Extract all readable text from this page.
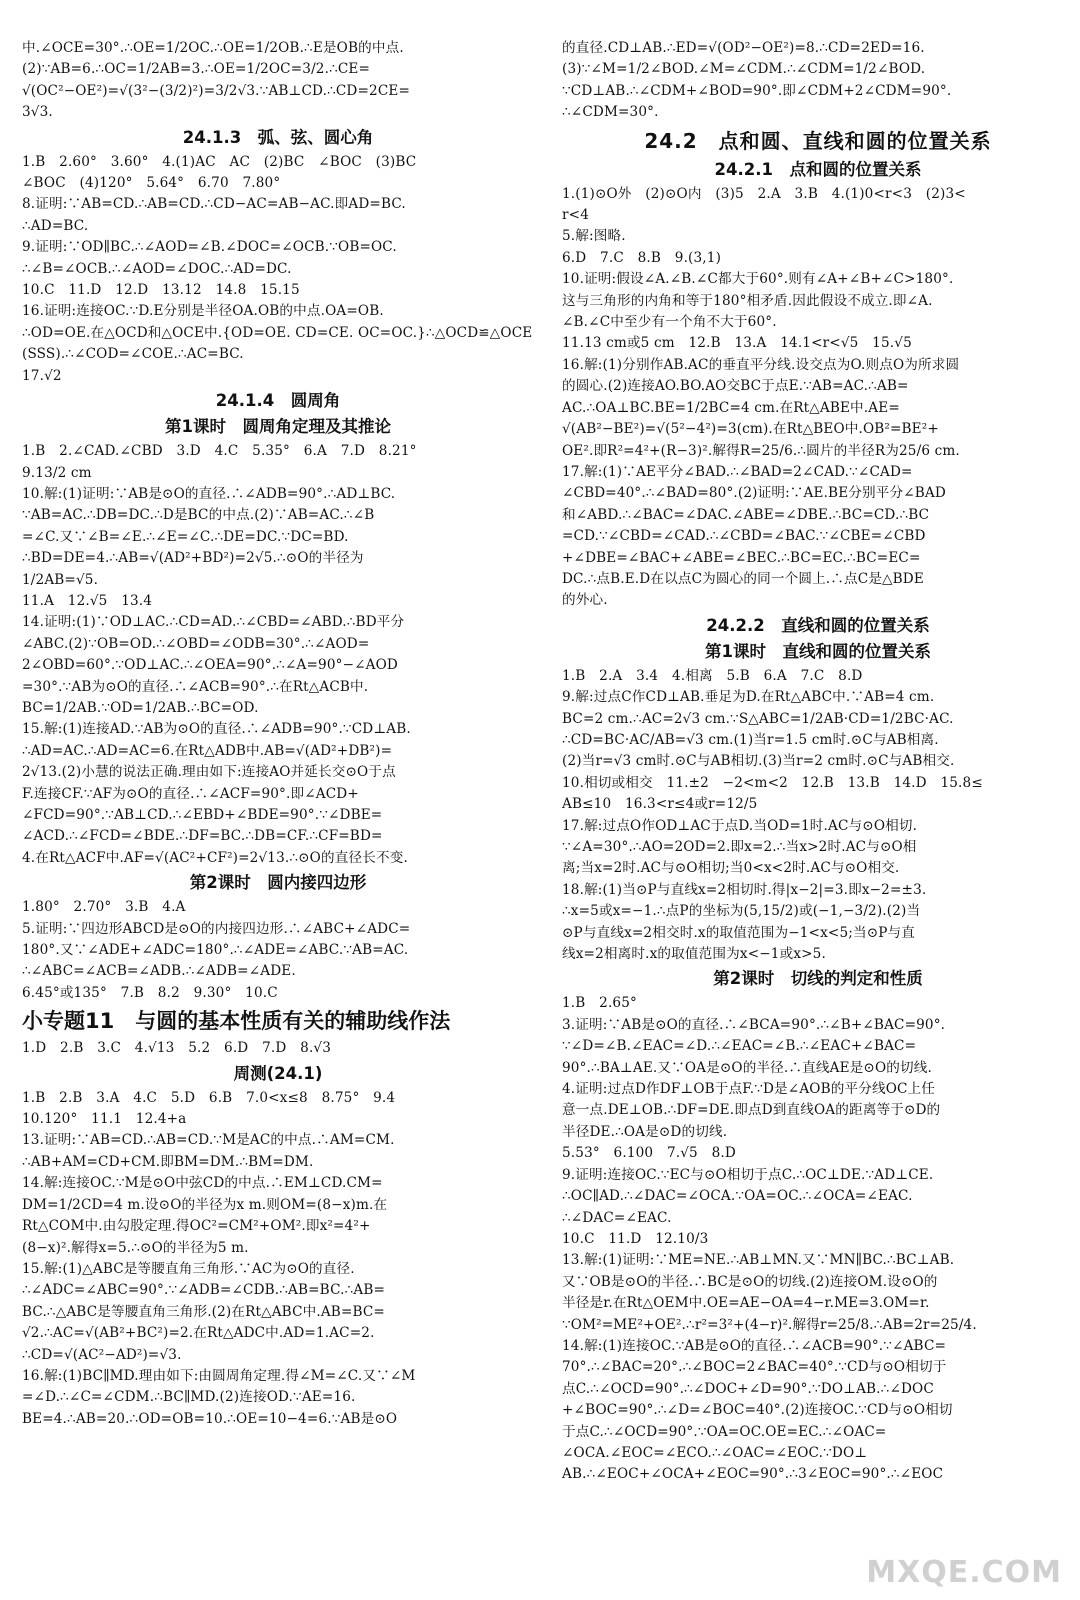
中.∠OCE=30°.∴OE=1/2OC.∴OE=1/2OB.∴E是OB的中点.
(2)∵AB=6.∴OC=1/2AB=3.∴OE=1/2OC=3/2.∴CE=
√(OC²−OE²)=√(3²−(3/2)²)=3/2√3.∵AB⊥CD.∴CD=2CE=
3√3.
24.1.3　弧、弦、圆心角
1.B　2.60°　3.60°　4.(1)AC　AC　(2)BC　∠BOC　(3)BC
∠BOC　(4)120°　5.64°　6.70　7.80°
8.证明:∵AB=CD.∴AB=CD.∴CD−AC=AB−AC.即AD=BC.
∴AD=BC.
9.证明:∵OD∥BC.∴∠AOD=∠B.∠DOC=∠OCB.∵OB=OC.
∴∠B=∠OCB.∴∠AOD=∠DOC.∴AD=DC.
10.C　11.D　12.D　13.12　14.8　15.15
16.证明:连接OC.∵D.E分别是半径OA.OB的中点.OA=OB.
∴OD=OE.在△OCD和△OCE中.{OD=OE. CD=CE. OC=OC.}∴△OCD≌△OCE
(SSS).∴∠COD=∠COE.∴AC=BC.
17.√2
24.1.4　圆周角
第1课时　圆周角定理及其推论
1.B　2.∠CAD.∠CBD　3.D　4.C　5.35°　6.A　7.D　8.21°
9.13/2 cm
10.解:(1)证明:∵AB是⊙O的直径.∴∠ADB=90°.∴AD⊥BC.
∵AB=AC.∴DB=DC.∴D是BC的中点.(2)∵AB=AC.∴∠B
=∠C.又∵∠B=∠E.∴∠E=∠C.∴DE=DC.∵DC=BD.
∴BD=DE=4.∴AB=√(AD²+BD²)=2√5.∴⊙O的半径为
1/2AB=√5.
11.A　12.√5　13.4
14.证明:(1)∵OD⊥AC.∴CD=AD.∴∠CBD=∠ABD.∴BD平分
∠ABC.(2)∵OB=OD.∴∠OBD=∠ODB=30°.∴∠AOD=
2∠OBD=60°.∵OD⊥AC.∴∠OEA=90°.∴∠A=90°−∠AOD
=30°.∵AB为⊙O的直径.∴∠ACB=90°.∴在Rt△ACB中.
BC=1/2AB.∵OD=1/2AB.∴BC=OD.
15.解:(1)连接AD.∵AB为⊙O的直径.∴∠ADB=90°.∵CD⊥AB.
∴AD=AC.∴AD=AC=6.在Rt△ADB中.AB=√(AD²+DB²)=
2√13.(2)小慧的说法正确.理由如下:连接AO并延长交⊙O于点
F.连接CF.∵AF为⊙O的直径.∴∠ACF=90°.即∠ACD+
∠FCD=90°.∵AB⊥CD.∴∠EBD+∠BDE=90°.∵∠DBE=
∠ACD.∴∠FCD=∠BDE.∴DF=BC.∴DB=CF.∴CF=BD=
4.在Rt△ACF中.AF=√(AC²+CF²)=2√13.∴⊙O的直径长不变.
第2课时　圆内接四边形
1.80°　2.70°　3.B　4.A
5.证明:∵四边形ABCD是⊙O的内接四边形.∴∠ABC+∠ADC=
180°.又∵∠ADE+∠ADC=180°.∴∠ADE=∠ABC.∵AB=AC.
∴∠ABC=∠ACB=∠ADB.∴∠ADB=∠ADE.
6.45°或135°　7.B　8.2　9.30°　10.C
小专题11　与圆的基本性质有关的辅助线作法
1.D　2.B　3.C　4.√13　5.2　6.D　7.D　8.√3
周测(24.1)
1.B　2.B　3.A　4.C　5.D　6.B　7.0<x≤8　8.75°　9.4
10.120°　11.1　12.4+a
13.证明:∵AB=CD.∴AB=CD.∵M是AC的中点.∴AM=CM.
∴AB+AM=CD+CM.即BM=DM.∴BM=DM.
14.解:连接OC.∵M是⊙O中弦CD的中点.∴EM⊥CD.CM=
DM=1/2CD=4 m.设⊙O的半径为x m.则OM=(8−x)m.在
Rt△COM中.由勾股定理.得OC²=CM²+OM².即x²=4²+
(8−x)².解得x=5.∴⊙O的半径为5 m.
15.解:(1)△ABC是等腰直角三角形.∵AC为⊙O的直径.
∴∠ADC=∠ABC=90°.∵∠ADB=∠CDB.∴AB=BC.∴AB=
BC.∴△ABC是等腰直角三角形.(2)在Rt△ABC中.AB=BC=
√2.∴AC=√(AB²+BC²)=2.在Rt△ADC中.AD=1.AC=2.
∴CD=√(AC²−AD²)=√3.
16.解:(1)BC∥MD.理由如下:由圆周角定理.得∠M=∠C.又∵∠M
=∠D.∴∠C=∠CDM.∴BC∥MD.(2)连接OD.∵AE=16.
BE=4.∴AB=20.∴OD=OB=10.∴OE=10−4=6.∵AB是⊙O
的直径.CD⊥AB.∴ED=√(OD²−OE²)=8.∴CD=2ED=16.
(3)∵∠M=1/2∠BOD.∠M=∠CDM.∴∠CDM=1/2∠BOD.
∵CD⊥AB.∴∠CDM+∠BOD=90°.即∠CDM+2∠CDM=90°.
∴∠CDM=30°.
24.2　点和圆、直线和圆的位置关系
24.2.1　点和圆的位置关系
1.(1)⊙O外　(2)⊙O内　(3)5　2.A　3.B　4.(1)0<r<3　(2)3<
r<4
5.解:图略.
6.D　7.C　8.B　9.(3,1)
10.证明:假设∠A.∠B.∠C都大于60°.则有∠A+∠B+∠C>180°.
这与三角形的内角和等于180°相矛盾.因此假设不成立.即∠A.
∠B.∠C中至少有一个角不大于60°.
11.13 cm或5 cm　12.B　13.A　14.1<r<√5　15.√5
16.解:(1)分别作AB.AC的垂直平分线.设交点为O.则点O为所求圆
的圆心.(2)连接AO.BO.AO交BC于点E.∵AB=AC.∴AB=
AC.∴OA⊥BC.BE=1/2BC=4 cm.在Rt△ABE中.AE=
√(AB²−BE²)=√(5²−4²)=3(cm).在Rt△BEO中.OB²=BE²+
OE².即R²=4²+(R−3)².解得R=25/6.∴圆片的半径R为25/6 cm.
17.解:(1)∵AE平分∠BAD.∴∠BAD=2∠CAD.∵∠CAD=
∠CBD=40°.∴∠BAD=80°.(2)证明:∵AE.BE分别平分∠BAD
和∠ABD.∴∠BAC=∠DAC.∠ABE=∠DBE.∴BC=CD.∴BC
=CD.∵∠CBD=∠CAD.∴∠CBD=∠BAC.∵∠CBE=∠CBD
+∠DBE=∠BAC+∠ABE=∠BEC.∴BC=EC.∴BC=EC=
DC.∴点B.E.D在以点C为圆心的同一个圆上.∴点C是△BDE
的外心.
24.2.2　直线和圆的位置关系
第1课时　直线和圆的位置关系
1.B　2.A　3.4　4.相离　5.B　6.A　7.C　8.D
9.解:过点C作CD⊥AB.垂足为D.在Rt△ABC中.∵AB=4 cm.
BC=2 cm.∴AC=2√3 cm.∵S△ABC=1/2AB·CD=1/2BC·AC.
∴CD=BC·AC/AB=√3 cm.(1)当r=1.5 cm时.⊙C与AB相离.
(2)当r=√3 cm时.⊙C与AB相切.(3)当r=2 cm时.⊙C与AB相交.
10.相切或相交　11.±2　−2<m<2　12.B　13.B　14.D　15.8≤
AB≤10　16.3<r≤4或r=12/5
17.解:过点O作OD⊥AC于点D.当OD=1时.AC与⊙O相切.
∵∠A=30°.∴AO=2OD=2.即x=2.∴当x>2时.AC与⊙O相
离;当x=2时.AC与⊙O相切;当0<x<2时.AC与⊙O相交.
18.解:(1)当⊙P与直线x=2相切时.得|x−2|=3.即x−2=±3.
∴x=5或x=−1.∴点P的坐标为(5,15/2)或(−1,−3/2).(2)当
⊙P与直线x=2相交时.x的取值范围为−1<x<5;当⊙P与直
线x=2相离时.x的取值范围为x<−1或x>5.
第2课时　切线的判定和性质
1.B　2.65°
3.证明:∵AB是⊙O的直径.∴∠BCA=90°.∴∠B+∠BAC=90°.
∵∠D=∠B.∠EAC=∠D.∴∠EAC=∠B.∴∠EAC+∠BAC=
90°.∴BA⊥AE.又∵OA是⊙O的半径.∴直线AE是⊙O的切线.
4.证明:过点D作DF⊥OB于点F.∵D是∠AOB的平分线OC上任
意一点.DE⊥OB.∴DF=DE.即点D到直线OA的距离等于⊙D的
半径DE.∴OA是⊙D的切线.
5.53°　6.100　7.√5　8.D
9.证明:连接OC.∵EC与⊙O相切于点C.∴OC⊥DE.∵AD⊥CE.
∴OC∥AD.∴∠DAC=∠OCA.∵OA=OC.∴∠OCA=∠EAC.
∴∠DAC=∠EAC.
10.C　11.D　12.10/3
13.解:(1)证明:∵ME=NE.∴AB⊥MN.又∵MN∥BC.∴BC⊥AB.
又∵OB是⊙O的半径.∴BC是⊙O的切线.(2)连接OM.设⊙O的
半径是r.在Rt△OEM中.OE=AE−OA=4−r.ME=3.OM=r.
∵OM²=ME²+OE².∴r²=3²+(4−r)².解得r=25/8.∴AB=2r=25/4.
14.解:(1)连接OC.∵AB是⊙O的直径.∴∠ACB=90°.∵∠ABC=
70°.∴∠BAC=20°.∴∠BOC=2∠BAC=40°.∵CD与⊙O相切于
点C.∴∠OCD=90°.∴∠DOC+∠D=90°.∵DO⊥AB.∴∠DOC
+∠BOC=90°.∴∠D=∠BOC=40°.(2)连接OC.∵CD与⊙O相切
于点C.∴∠OCD=90°.∵OA=OC.OE=EC.∴∠OAC=
∠OCA.∠EOC=∠ECO.∴∠OAC=∠EOC.∵DO⊥
AB.∴∠EOC+∠OCA+∠EOC=90°.∴3∠EOC=90°.∴∠EOC
MXQE.COM
